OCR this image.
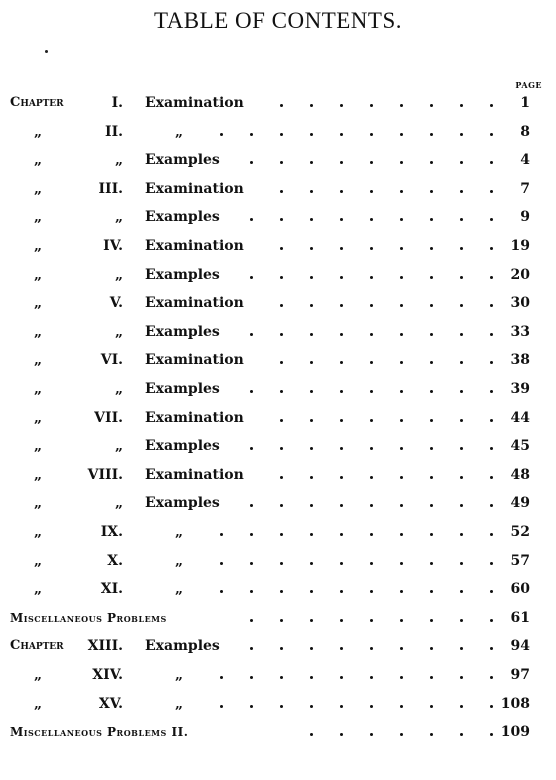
TABLE OF CONTENTS.
PAGE
Chapter	I. Examination	1
„	II.	„	8
„	„ Examples	4
„	III. Examination	7
„	„ Examples	9
„	IV. Examination	19
„	„ Examples	20
„	V. Examination	30
„	„ Examples	33
„	VI. Examination	38
„	„ Examples	39
„	VII. Examination	44
„	„ Examples	45
„	VIII. Examination	48
„	„ Examples	49
„	IX.	„	52
„	X.	„	57
„	XI.	„	60
Miscellaneous Problems	61
Chapter	XIII. Examples	94
„	XIV.	„	97
„	XV.	„	108
Miscellaneous Problems II.	109
